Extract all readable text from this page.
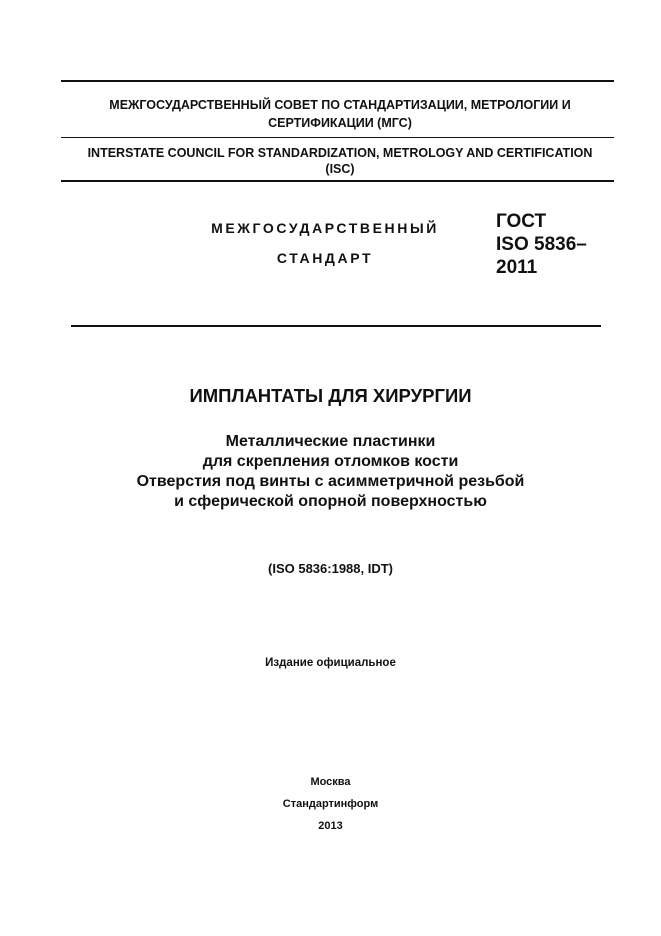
МЕЖГОСУДАРСТВЕННЫЙ СОВЕТ ПО СТАНДАРТИЗАЦИИ, МЕТРОЛОГИИ И
СЕРТИФИКАЦИИ (МГС)
INTERSTATE COUNCIL FOR STANDARDIZATION, METROLOGY AND CERTIFICATION
(ISC)
МЕЖГОСУДАРСТВЕННЫЙ
СТАНДАРТ
ГОСТ
ISO 5836–
2011
ИМПЛАНТАТЫ ДЛЯ ХИРУРГИИ
Металлические пластинки
для скрепления отломков кости
Отверстия под винты с асимметричной резьбой
и сферической опорной поверхностью
(ISO 5836:1988, IDT)
Издание официальное
Москва
Стандартинформ
2013
